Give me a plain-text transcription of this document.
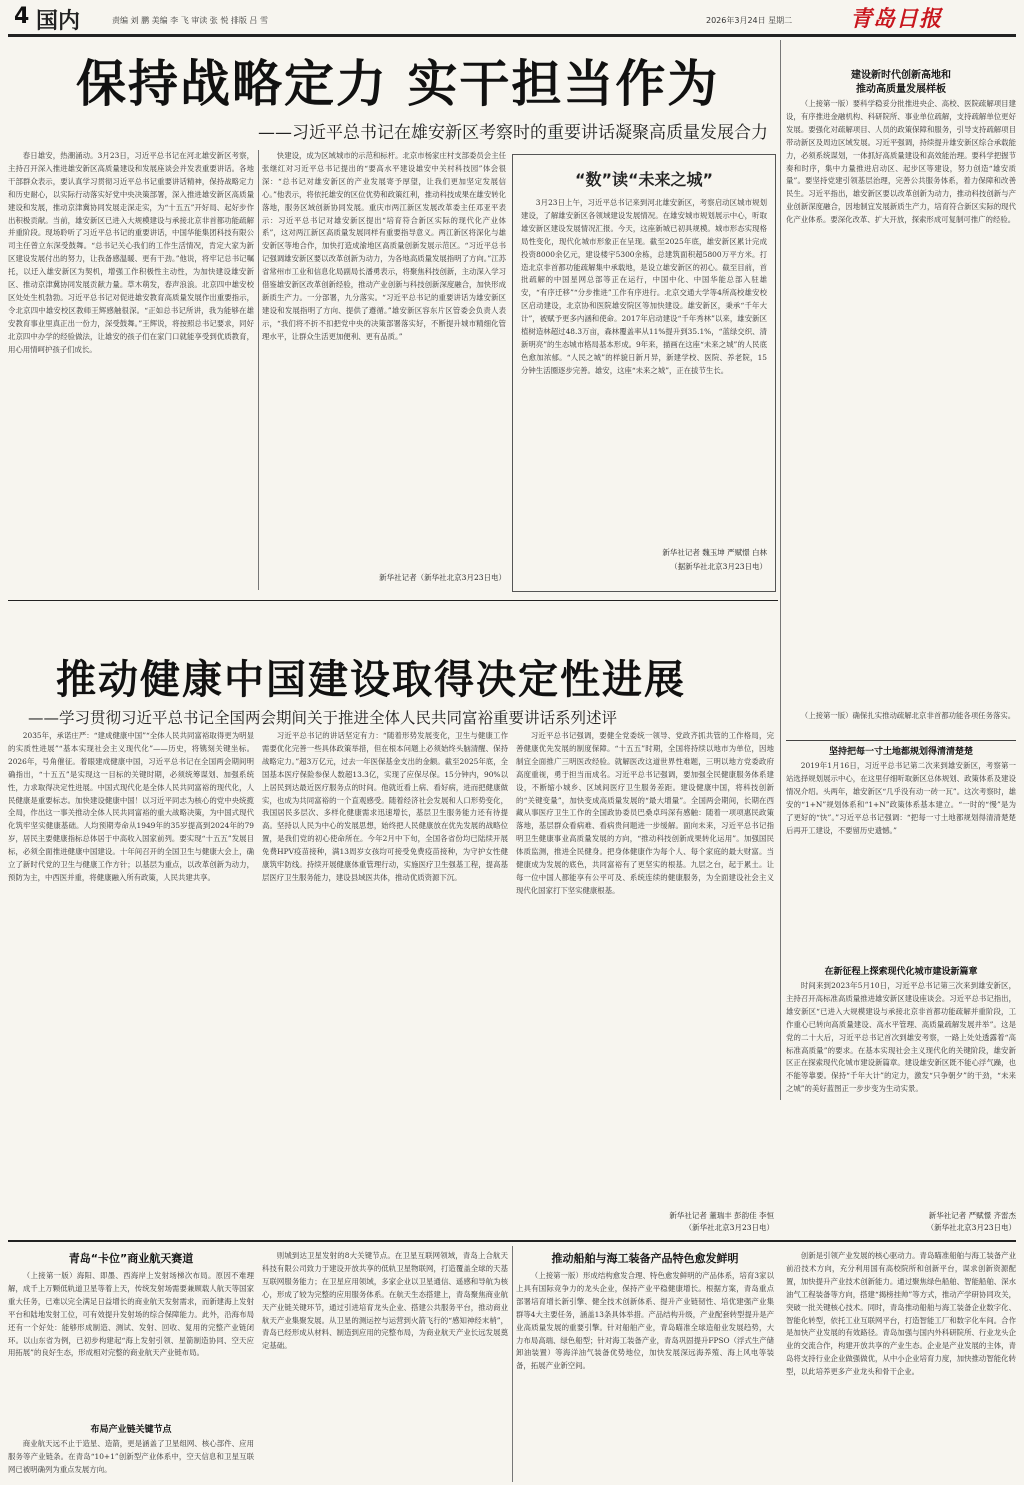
4 国内	责编 刘 鹏 美编 李 飞 审读 张 悦 排版 吕 雪	2026年3月24日 星期二	青岛日报
保持战略定力 实干担当作为
——习近平总书记在雄安新区考察时的重要讲话凝聚高质量发展合力

春日雄安，热潮涌动。3月23日，习近平总书记在河北雄安新区考察，主持召开深入推进雄安新区高质量建设和发展座谈会并发表重要讲话。各地干部群众表示，要认真学习贯彻习近平总书记重要讲话精神，保持战略定力和历史耐心，以实际行动落实好党中央决策部署，深入推进雄安新区高质量建设和发展，推动京津冀协同发展走深走实，为“十五五”开好局、起好步作出积极贡献。当前，雄安新区已进入大规模建设与承接北京非首都功能疏解并重阶段。现场聆听了习近平总书记的重要讲话，中国华能集团科技有限公司主任曾立东深受鼓舞。“总书记关心我们的工作生活情况，肯定大家为新区建设发展付出的努力，让我备感温暖、更有干劲。”他说，将牢记总书记嘱托，以迁入雄安新区为契机，增强工作积极性主动性，为加快建设雄安新区、推动京津冀协同发展贡献力量。草木萌发，春声浪浪。北京四中雄安校区处处生机勃勃。习近平总书记对促进雄安教育高质量发展作出重要指示，令北京四中雄安校区教师王辉感触很深。“正如总书记所讲，我为能够在雄安教育事业里真正出一份力，深受鼓舞。”王辉说，将按照总书记要求，同好北京四中办学的经验做法，让雄安的孩子们在家门口就能享受到优质教育，用心用情呵护孩子们成长。

快建设，成为区域城市的示范和标杆。北京市杨家庄村支部委员会主任张继红对习近平总书记提出的“要高水平建设雄安中关村科技园”体会很深：“总书记对雄安新区的产业发展寄予厚望，让我们更加坚定发展信心。”他表示，将依托雄安的区位优势和政策红利，推动科技成果在雄安转化落地，服务区域创新协同发展。重庆市两江新区发展改革委主任邓亚平表示：习近平总书记对雄安新区提出“培育符合新区实际的现代化产业体系”，这对两江新区高质量发展同样有重要指导意义。两江新区将深化与雄安新区等地合作，加快打造成渝地区高质量创新发展示范区。“习近平总书记强调雄安新区要以改革创新为动力，为各地高质量发展指明了方向。”江苏省常州市工业和信息化局副局长潘勇表示，将聚焦科技创新，主动深入学习借鉴雄安新区改革创新经验，推动产业创新与科技创新深度融合，加快形成新质生产力。一分部署，九分落实。“习近平总书记的重要讲话为雄安新区建设和发展指明了方向、提供了遵循。”雄安新区容东片区管委会负责人表示，“我们将不折不扣把党中央的决策部署落实好，不断提升城市精细化管理水平，让群众生活更加便利、更有品质。”

新华社记者（新华社北京3月23日电）
“数”读“未来之城”

3月23日上午，习近平总书记来到河北雄安新区，考察启动区城市规划建设，了解雄安新区各领域建设发展情况。在雄安城市规划展示中心，听取雄安新区建设发展情况汇报。今天，这座新城已初具规模。城市形态实现格局性变化，现代化城市形象正在呈现。截至2025年底，雄安新区累计完成投资8000余亿元，建设楼宇5300余栋，总建筑面积超5800万平方米。打造北京非首都功能疏解集中承载地，是设立雄安新区的初心。截至目前，首批疏解的中国星网总部等正在运行，中国中化、中国华能总部入驻雄安，“有序迁移”“分步推进”工作有序进行。北京交通大学等4所高校雄安校区启动建设，北京协和医院雄安院区等加快建设。雄安新区，秉承“千年大计”，被赋予更多内涵和使命。2017年启动建设“千年秀林”以来，雄安新区植树造林超过48.3万亩，森林覆盖率从11%提升到35.1%，“蓝绿交织、清新明亮”的生态城市格局基本形成。9年来，描画在这座“未来之城”的人民底色愈加浓郁。“人民之城”的样貌日新月异，新建学校、医院、养老院，15分钟生活圈逐步完善。雄安，这座“未来之城”，正在拔节生长。

新华社记者 魏玉坤 严赋憬 白林
（据新华社北京3月23日电）
建设新时代创新高地和
推动高质量发展样板

（上接第一版）要科学稳妥分批推进央企、高校、医院疏解项目建设，有序推进金融机构、科研院所、事业单位疏解，支持疏解单位更好发展。要强化对疏解项目、人员的政策保障和服务，引导支持疏解项目带动新区及周边区域发展。习近平强调，持续提升雄安新区综合承载能力，必须系统谋划，一体抓好高质量建设和高效能治理。要科学把握节奏和时序，集中力量推进启动区、起步区等建设，努力创造“雄安质量”。要坚持党建引领基层治理，完善公共服务体系，着力保障和改善民生。习近平指出，雄安新区要以改革创新为动力，推动科技创新与产业创新深度融合，因地制宜发展新质生产力，培育符合新区实际的现代化产业体系。要深化改革、扩大开放，探索形成可复制可推广的经验。

（上接第一版）确保扎实推动疏解北京非首都功能各项任务落实。

坚持把每一寸土地都规划得清清楚楚

2019年1月16日，习近平总书记第二次来到雄安新区，考察第一站选择规划展示中心，在这里仔细听取新区总体规划、政策体系及建设情况介绍。头两年，雄安新区“几乎没有动一砖一瓦”。这次考察时，雄安的“1+N”规划体系和“1+N”政策体系基本建立。“一时的“慢”是为了更好的“快”。”习近平总书记强调：“把每一寸土地都规划得清清楚楚后再开工建设，不要留历史遗憾。”

在新征程上探索现代化城市建设新篇章

时间来到2023年5月10日，习近平总书记第三次来到雄安新区，主持召开高标准高质量推进雄安新区建设座谈会。习近平总书记指出，雄安新区“已进入大规模建设与承接北京非首都功能疏解并重阶段，工作重心已转向高质量建设、高水平管理、高质量疏解发展并举”。这是党的二十大后，习近平总书记首次到雄安考察，一路上处处透露着“高标准高质量”的要求。在基本实现社会主义现代化的关键阶段，雄安新区正在探索现代化城市建设新篇章。建设雄安新区既不能心浮气躁，也不能等靠要。保持“千年大计”的定力，激发“只争朝夕”的干劲，“未来之城”的美好蓝图正一步步变为生动实景。

新华社记者 严赋憬 齐雷杰
（新华社北京3月23日电）
推动健康中国建设取得决定性进展
——学习贯彻习近平总书记全国两会期间关于推进全体人民共同富裕重要讲话系列述评

2035年，承诺庄严：“建成健康中国”“全体人民共同富裕取得更为明显的实质性进展”“基本实现社会主义现代化”——历史，将镌刻关键坐标。2026年，号角催征。着眼建成健康中国，习近平总书记在全国两会期间明确指出，“十五五”是实现这一目标的关键时期，必须统筹谋划、加强系统性，力求取得决定性进展。中国式现代化是全体人民共同富裕的现代化，人民健康是重要标志。加快建设健康中国！以习近平同志为核心的党中央统揽全局，作出这一事关推动全体人民共同富裕的重大战略决策，为中国式现代化筑牢坚实健康基础。人均预期寿命从1949年的35岁提高到2024年的79岁，居民主要健康指标总体居于中高收入国家前列。要实现“十五五”发展目标，必须全面推进健康中国建设。十年间召开的全国卫生与健康大会上，确立了新时代党的卫生与健康工作方针；以基层为重点，以改革创新为动力，预防为主，中西医并重，将健康融入所有政策，人民共建共享。

习近平总书记的讲话坚定有力：“随着形势发展变化，卫生与健康工作需要优化完善一些具体政策举措，但在根本问题上必须始终头脑清醒、保持战略定力。”超3万亿元，过去一年医保基金支出的金额。截至2025年底，全国基本医疗保险参保人数超13.3亿，实现了应保尽保。15分钟内，90%以上居民到达最近医疗服务点的时间。他就近看上病、看好病，进而把健康做实，也成为共同富裕的一个直观感受。随着经济社会发展和人口形势变化，我国居民多层次、多样化健康需求迅速增长，基层卫生服务能力还有待提高。坚持以人民为中心的发展思想，始终把人民健康放在优先发展的战略位置，是我们党的初心使命所在。今年2月中下旬，全国各省份均已陆续开展免费HPV疫苗接种，满13周岁女孩均可接受免费疫苗接种，为守护女性健康筑牢防线。持续开展健康体重管理行动，实施医疗卫生强基工程，提高基层医疗卫生服务能力，建设县域医共体，推动优质资源下沉。

习近平总书记强调，要健全党委统一领导、党政齐抓共管的工作格局，完善健康优先发展的制度保障。“十五五”时期，全国将持续以地市为单位，因地制宜全面推广三明医改经验。就解医改这道世界性难题，三明以地方党委政府高度重视，勇于担当而成名。习近平总书记强调，要加强全民健康服务体系建设，不断缩小城乡、区域间医疗卫生服务差距。建设健康中国，将科技创新的“关键变量”，加快变成高质量发展的“最大增量”。全国两会期间，长期在西藏从事医疗卫生工作的全国政协委员巴桑卓玛深有感触：随着一项项惠民政策落地，基层群众看病难、看病贵问题进一步缓解。面向未来，习近平总书记指明卫生健康事业高质量发展的方向，“推动科技创新成果转化运用”。加强国民体质监测，推进全民健身。把身体健康作为每个人、每个家庭的最大财富。当健康成为发展的底色，共同富裕有了更坚实的根基。九层之台，起于累土。让每一位中国人都能享有公平可及、系统连续的健康服务，为全面建设社会主义现代化国家打下坚实健康根基。

新华社记者 董瑞丰 彭韵佳 李恒
（新华社北京3月23日电）
青岛“卡位”商业航天赛道

（上接第一版）海阳、即墨、西海岸上发射场梯次布局。原因不难理解，成千上万颗低轨道卫星等着上天，传统发射场需要兼顾载人航天等国家重大任务，已难以完全满足日益增长的商业航天发射需求，而新建海上发射平台和陆地发射工位，可有效提升发射场的综合保障能力。此外，沿海布局还有一个好处：能够形成制造、测试、发射、回收、复用的完整产业链闭环。以山东省为例，已初步构建起“海上发射引领、星箭制造协同、空天应用拓展”的良好生态，形成相对完整的商业航天产业链布局。

布局产业链关键节点

商业航天远不止于造星、造箭，更是涵盖了卫星组网、核心部件、应用服务等产业链条。在青岛“10+1”创新型产业体系中，空天信息和卫星互联网已被明确列为重点发展方向。

则城到达卫星发射的8大关键节点。在卫星互联网领域，青岛上合航天科技有限公司致力于建设开放共享的低轨卫星物联网，打造覆盖全球的天基互联网服务能力；在卫星应用领域，多家企业以卫星通信、遥感和导航为核心，形成了较为完整的应用服务体系。在航天生态搭建上，青岛聚焦商业航天产业链关键环节，通过引进培育龙头企业、搭建公共服务平台，推动商业航天产业集聚发展。从卫星的测运控与运营到火箭飞行的“感知神经末梢”，青岛已经形成从材料、制造到应用的完整布局，为商业航天产业长远发展奠定基础。

推动船舶与海工装备产品特色愈发鲜明

（上接第一版）形成结构愈发合理、特色愈发鲜明的产品体系，培育3家以上具有国际竞争力的龙头企业，保持产业平稳健康增长。根据方案，青岛重点部署培育增长新引擎、健全技术创新体系、提升产业链韧性、培优建强产业集群等4大主要任务，涵盖13条具体举措。产品结构升级，产业配套转型提升是产业高质量发展的重要引擎。针对船舶产业，青岛瞄准全球造船业发展趋势，大力布局高端、绿色船型；针对海工装备产业，青岛巩固提升FPSO（浮式生产储卸油装置）等海洋油气装备优势地位，加快发展深远海养殖、海上风电等装备，拓展产业新空间。

创新是引领产业发展的核心驱动力。青岛瞄准船舶与海工装备产业前沿技术方向，充分利用国有高校院所和创新平台，谋求创新资源配置，加快提升产业技术创新能力。通过聚焦绿色船舶、智能船舶、深水油气工程装备等方向，搭建“揭榜挂帅”等方式，推动产学研协同攻关，突破一批关键核心技术。同时，青岛推动船舶与海工装备企业数字化、智能化转型，依托工业互联网平台，打造智能工厂和数字化车间。合作是加快产业发展的有效路径。青岛加强与国内外科研院所、行业龙头企业的交流合作，构建开放共享的产业生态。企业是产业发展的主体，青岛将支持行业企业做强做优，从中小企业培育力度，加快推动智能化转型，以此培养更多产业龙头和骨干企业。
